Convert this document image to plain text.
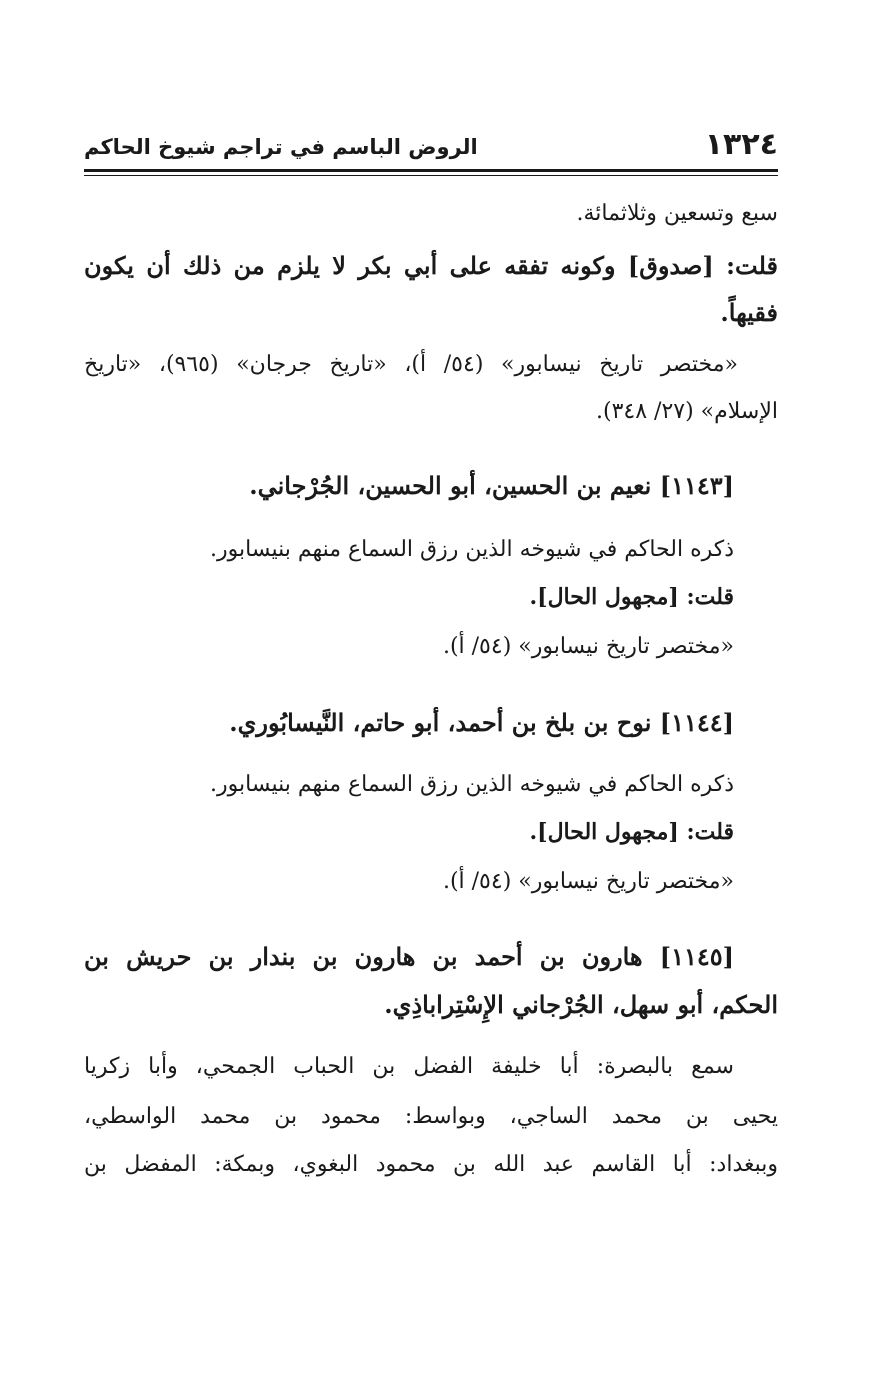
١٣٢٤
الروض الباسم في تراجم شيوخ الحاكم
سبع وتسعين وثلاثمائة.
قلت: [صدوق] وكونه تفقه على أبي بكر لا يلزم من ذلك أن يكون
فقيهاً.
«مختصر تاريخ نيسابور» (٥٤/ أ)، «تاريخ جرجان» (٩٦٥)، «تاريخ
الإسلام» (٢٧/ ٣٤٨).
[١١٤٣] نعيم بن الحسين، أبو الحسين، الجُرْجاني.
ذكره الحاكم في شيوخه الذين رزق السماع منهم بنيسابور.
قلت: [مجهول الحال].
«مختصر تاريخ نيسابور» (٥٤/ أ).
[١١٤٤] نوح بن بلخ بن أحمد، أبو حاتم، النَّيسابُوري.
ذكره الحاكم في شيوخه الذين رزق السماع منهم بنيسابور.
قلت: [مجهول الحال].
«مختصر تاريخ نيسابور» (٥٤/ أ).
[١١٤٥] هارون بن أحمد بن هارون بن بندار بن حريش بن
الحكم، أبو سهل، الجُرْجاني الإِسْتِراباذِي.
سمع بالبصرة: أبا خليفة الفضل بن الحباب الجمحي، وأبا زكريا
يحيى بن محمد الساجي، وبواسط: محمود بن محمد الواسطي،
وببغداد: أبا القاسم عبد الله بن محمود البغوي، وبمكة: المفضل بن
